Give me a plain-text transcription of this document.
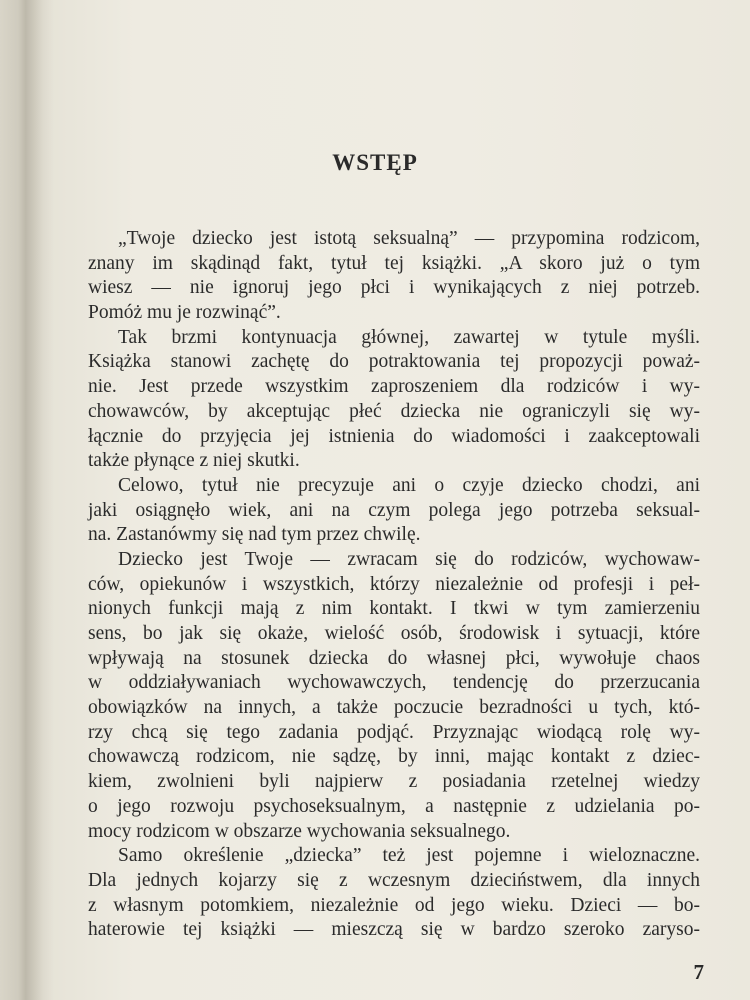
WSTĘP
„Twoje dziecko jest istotą seksualną” — przypomina rodzicom,
znany im skądinąd fakt, tytuł tej książki. „A skoro już o tym
wiesz — nie ignoruj jego płci i wynikających z niej potrzeb.
Pomóż mu je rozwinąć”.
Tak brzmi kontynuacja głównej, zawartej w tytule myśli.
Książka stanowi zachętę do potraktowania tej propozycji poważ-
nie. Jest przede wszystkim zaproszeniem dla rodziców i wy-
chowawców, by akceptując płeć dziecka nie ograniczyli się wy-
łącznie do przyjęcia jej istnienia do wiadomości i zaakceptowali
także płynące z niej skutki.
Celowo, tytuł nie precyzuje ani o czyje dziecko chodzi, ani
jaki osiągnęło wiek, ani na czym polega jego potrzeba seksual-
na. Zastanówmy się nad tym przez chwilę.
Dziecko jest Twoje — zwracam się do rodziców, wychowaw-
ców, opiekunów i wszystkich, którzy niezależnie od profesji i peł-
nionych funkcji mają z nim kontakt. I tkwi w tym zamierzeniu
sens, bo jak się okaże, wielość osób, środowisk i sytuacji, które
wpływają na stosunek dziecka do własnej płci, wywołuje chaos
w oddziaływaniach wychowawczych, tendencję do przerzucania
obowiązków na innych, a także poczucie bezradności u tych, któ-
rzy chcą się tego zadania podjąć. Przyznając wiodącą rolę wy-
chowawczą rodzicom, nie sądzę, by inni, mając kontakt z dziec-
kiem, zwolnieni byli najpierw z posiadania rzetelnej wiedzy
o jego rozwoju psychoseksualnym, a następnie z udzielania po-
mocy rodzicom w obszarze wychowania seksualnego.
Samo określenie „dziecka” też jest pojemne i wieloznaczne.
Dla jednych kojarzy się z wczesnym dzieciństwem, dla innych
z własnym potomkiem, niezależnie od jego wieku. Dzieci — bo-
haterowie tej książki — mieszczą się w bardzo szeroko zaryso-
7
